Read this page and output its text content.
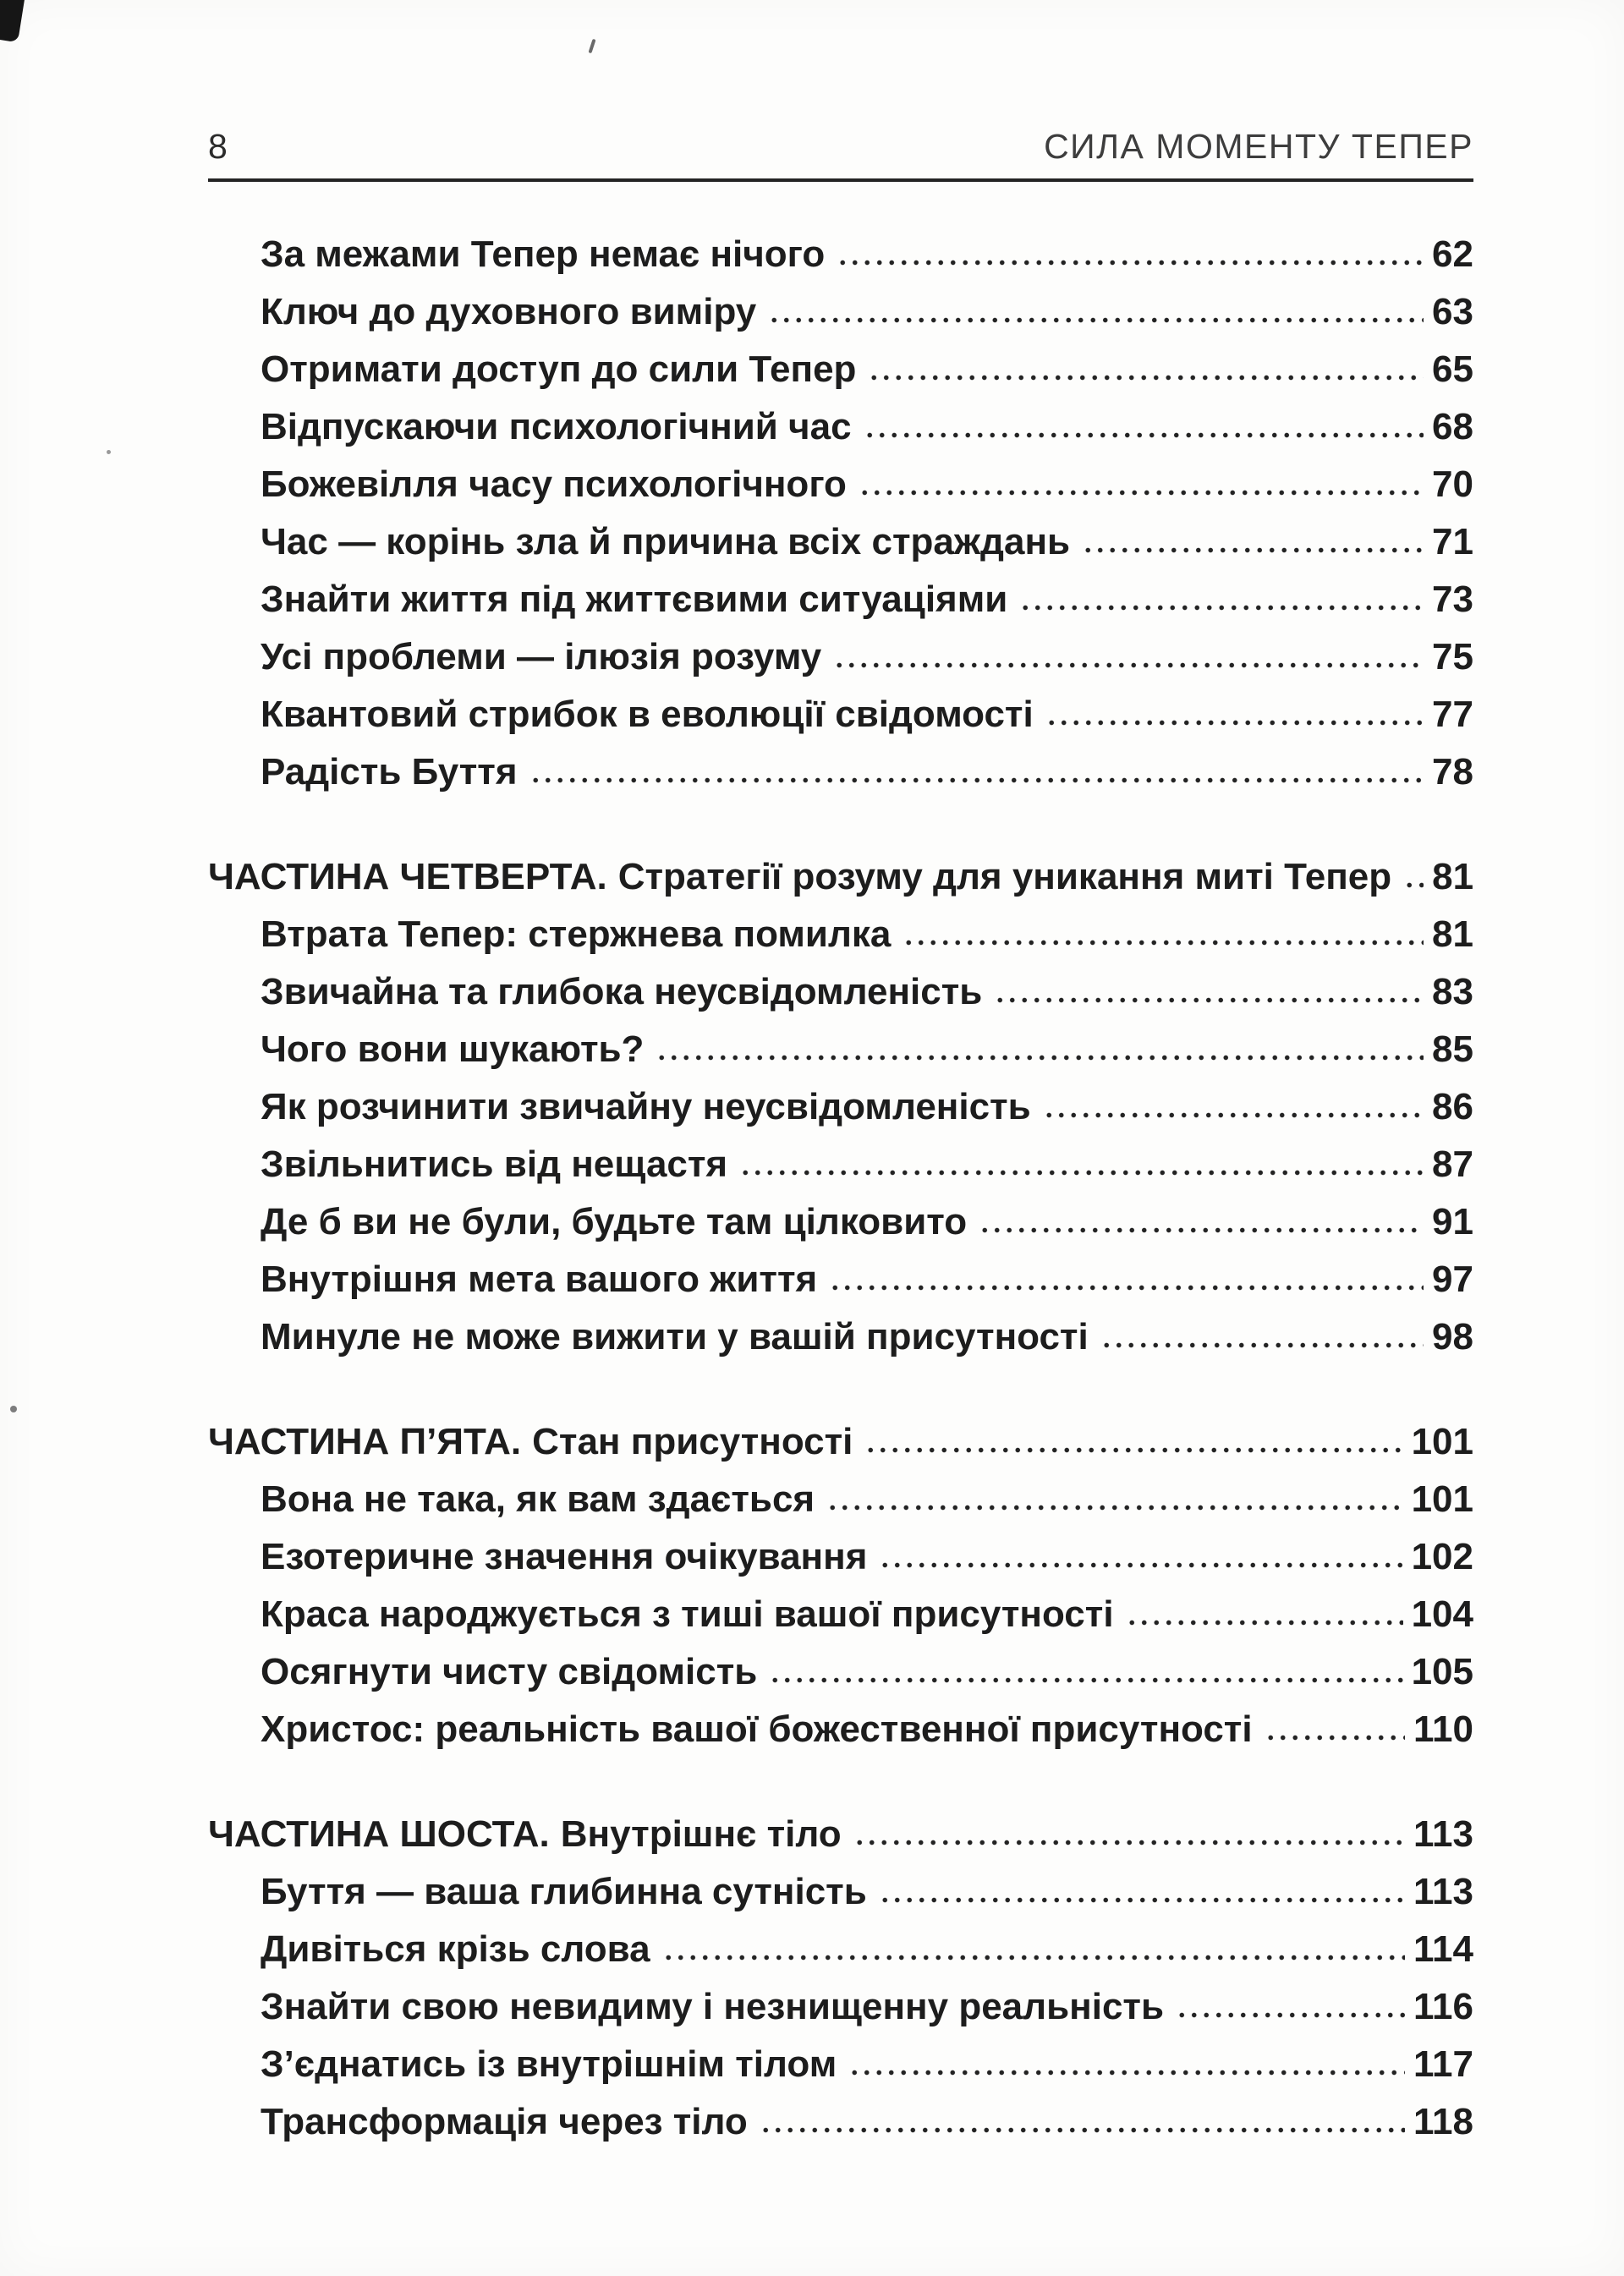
8	СИЛА МОМЕНТУ ТЕПЕР
За межами Тепер немає нічого	62
Ключ до духовного виміру	63
Отримати доступ до сили Тепер	65
Відпускаючи психологічний час	68
Божевілля часу психологічного	70
Час — корінь зла й причина всіх страждань	71
Знайти життя під життєвими ситуаціями	73
Усі проблеми — ілюзія розуму	75
Квантовий стрибок в еволюції свідомості	77
Радість Буття	78
ЧАСТИНА ЧЕТВЕРТА. Стратегії розуму для уникання миті Тепер 81
Втрата Тепер: стержнева помилка	81
Звичайна та глибока неусвідомленість	83
Чого вони шукають?	85
Як розчинити звичайну неусвідомленість	86
Звільнитись від нещастя	87
Де б ви не були, будьте там цілковито	91
Внутрішня мета вашого життя	97
Минуле не може вижити у вашій присутності	98
ЧАСТИНА П’ЯТА. Стан присутності	101
Вона не така, як вам здається	101
Езотеричне значення очікування	102
Краса народжується з тиші вашої присутності	104
Осягнути чисту свідомість	105
Христос: реальність вашої божественної присутності	110
ЧАСТИНА ШОСТА. Внутрішнє тіло	113
Буття — ваша глибинна сутність	113
Дивіться крізь слова	114
Знайти свою невидиму і незнищенну реальність	116
З’єднатись із внутрішнім тілом	117
Трансформація через тіло	118
